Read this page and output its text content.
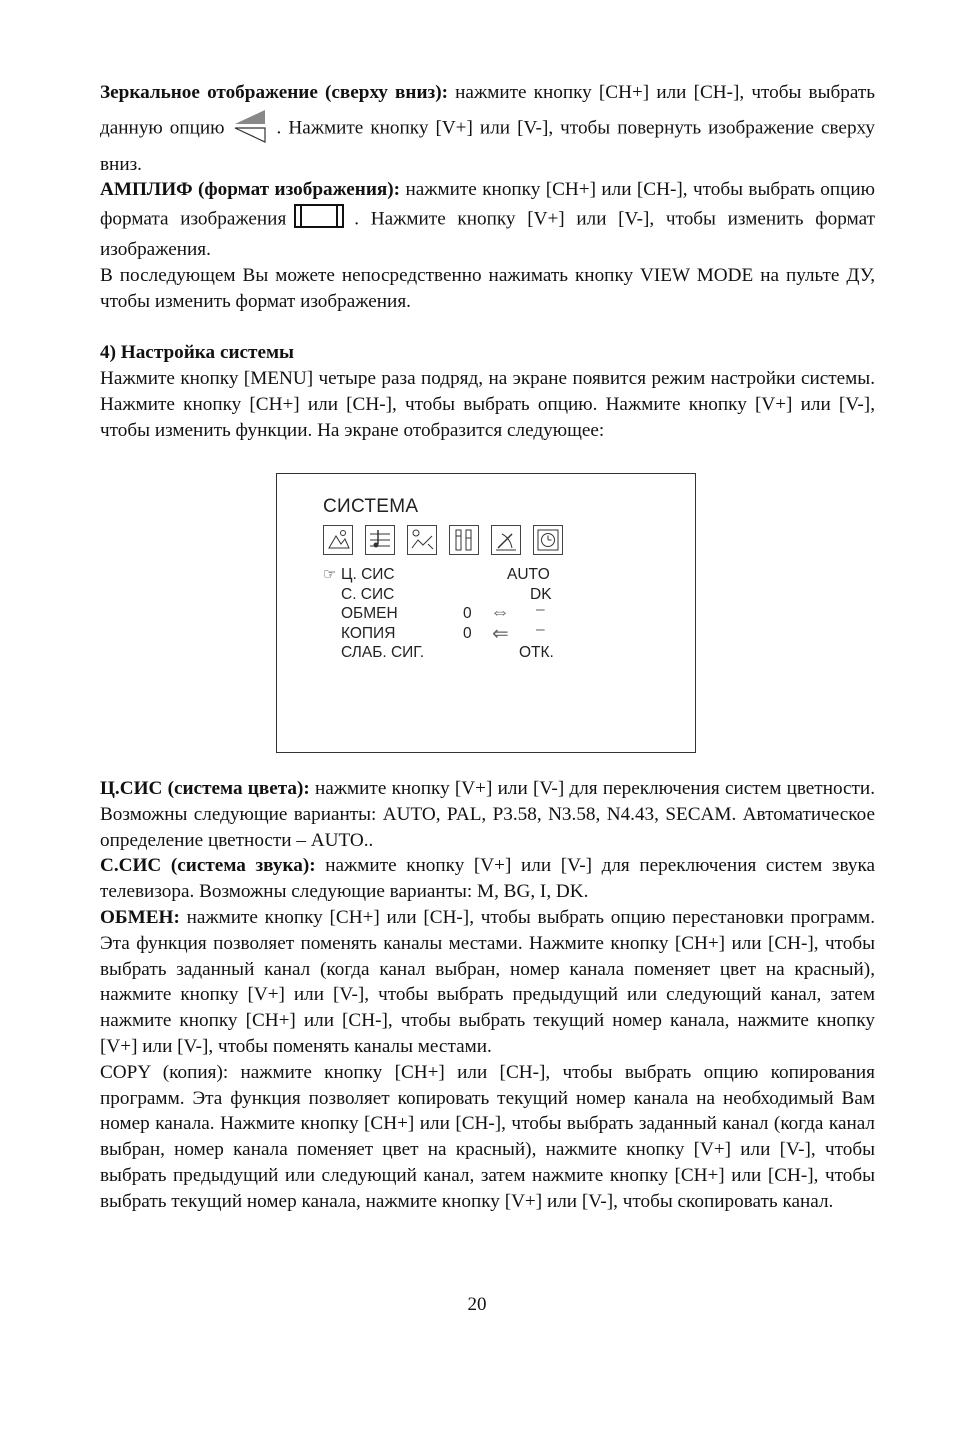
Зеркальное отображение (сверху вниз): нажмите кнопку [CH+] или [CH-], чтобы выбрать данную опцию	. Нажмите кнопку [V+] или [V-], чтобы повернуть изображение сверху вниз.

АМПЛИФ (формат изображения): нажмите кнопку [CH+] или [CH-], чтобы выбрать опцию формата изображения	. Нажмите кнопку [V+] или [V-], чтобы изменить формат изображения.

В последующем Вы можете непосредственно нажимать кнопку VIEW MODE на пульте ДУ, чтобы изменить формат изображения.

4) Настройка системы

Нажмите кнопку [MENU] четыре раза подряд, на экране появится режим настройки системы. Нажмите кнопку [CH+] или [CH-], чтобы выбрать опцию. Нажмите кнопку [V+] или [V-], чтобы изменить функции. На экране отобразится следующее:

СИСТЕМА
☞ Ц. СИС	AUTO
С. СИС	DK
ОБМЕН	0 ⇔ –
КОПИЯ	0 ⇐ –
СЛАБ. СИГ.	ОТК.

Ц.СИС (система цвета): нажмите кнопку [V+] или [V-] для переключения систем цветности. Возможны следующие варианты: AUTO, PAL, P3.58, N3.58, N4.43, SECAM. Автоматическое определение цветности – AUTO..

С.СИС (система звука): нажмите кнопку [V+] или [V-] для переключения систем звука телевизора. Возможны следующие варианты: M, BG, I, DK.

ОБМЕН: нажмите кнопку [CH+] или [CH-], чтобы выбрать опцию перестановки программ. Эта функция позволяет поменять каналы местами. Нажмите кнопку [CH+] или [CH-], чтобы выбрать заданный канал (когда канал выбран, номер канала поменяет цвет на красный), нажмите кнопку [V+] или [V-], чтобы выбрать предыдущий или следующий канал, затем нажмите кнопку [CH+] или [CH-], чтобы выбрать текущий номер канала, нажмите кнопку [V+] или [V-], чтобы поменять каналы местами.

COPY (копия): нажмите кнопку [CH+] или [CH-], чтобы выбрать опцию копирования программ. Эта функция позволяет копировать текущий номер канала на необходимый Вам номер канала. Нажмите кнопку [CH+] или [CH-], чтобы выбрать заданный канал (когда канал выбран, номер канала поменяет цвет на красный), нажмите кнопку [V+] или [V-], чтобы выбрать предыдущий или следующий канал, затем нажмите кнопку [CH+] или [CH-], чтобы выбрать текущий номер канала, нажмите кнопку [V+] или [V-], чтобы скопировать канал.

20
